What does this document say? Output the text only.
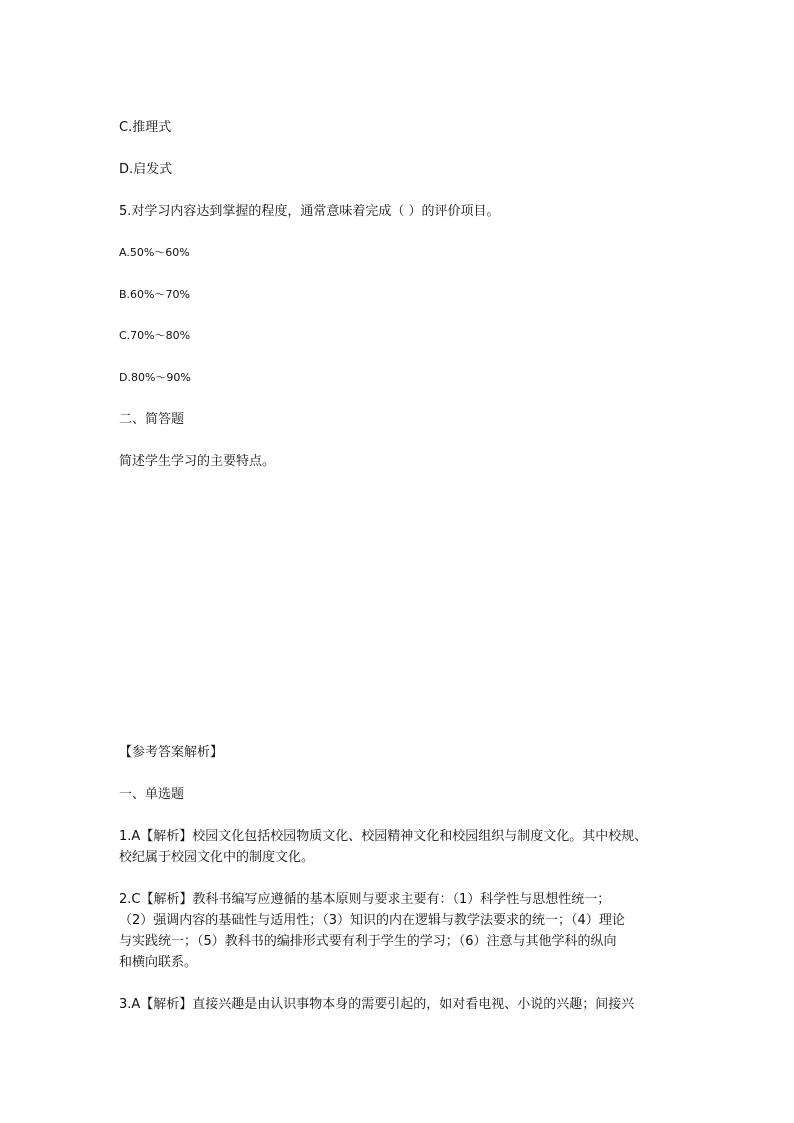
C.推理式
D.启发式
5.对学习内容达到掌握的程度，通常意味着完成（ ）的评价项目。
A.50%～60%
B.60%～70%
C.70%～80%
D.80%～90%
二、简答题
简述学生学习的主要特点。
【参考答案解析】
一、单选题
1.A【解析】校园文化包括校园物质文化、校园精神文化和校园组织与制度文化。其中校规、
校纪属于校园文化中的制度文化。
2.C【解析】教科书编写应遵循的基本原则与要求主要有：（1）科学性与思想性统一；
（2）强调内容的基础性与适用性；（3）知识的内在逻辑与教学法要求的统一；（4）理论
与实践统一；（5）教科书的编排形式要有利于学生的学习；（6）注意与其他学科的纵向
和横向联系。
3.A【解析】直接兴趣是由认识事物本身的需要引起的，如对看电视、小说的兴趣；间接兴
